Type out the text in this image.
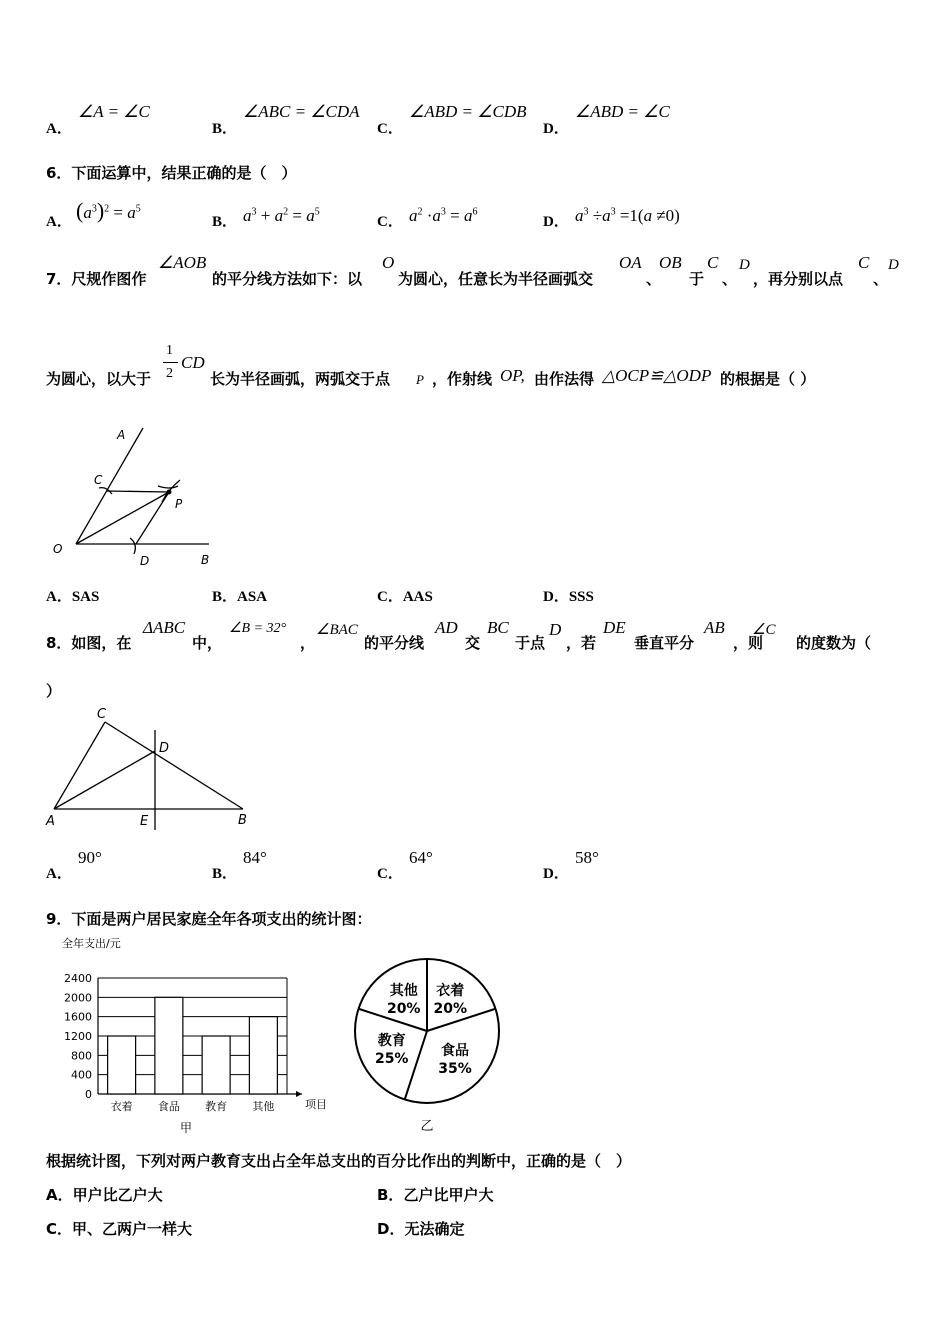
A．
∠A = ∠C
B．
∠ABC = ∠CDA
C．
∠ABD = ∠CDB
D．
∠ABD = ∠C
6．下面运算中，结果正确的是（　）
A． $(a^3)^2 = a^5$
B． $a^3 + a^2 = a^5$
C． $a^2 \cdot a^3 = a^6$
D． $a^3 \div a^3 =1(a \ne 0)$
7．尺规作图作
∠AOB
的平分线方法如下：以
O
为圆心，任意长为半径画弧交
OA
、
OB
于
C
、
D
，再分别以点
C
、
D
为圆心，以大于
1
2
CD
长为半径画弧，两弧交于点 P ，作射线 OP, 由作法得 △OCP≌△ODP 的根据是（ ）
A
C
P
O
D	B
A．SAS	B．ASA	C．AAS	D．SSS
8．如图，在
ΔABC
中，
∠B = 32°
，
∠BAC
的平分线
AD
交
BC
于点
D
，若
DE
垂直平分
AB
，则
∠C
的度数为（
）
C
D
A	E	B
A．
90°
B．
84°
C．
64°
D．
58°
9．下面是两户居民家庭全年各项支出的统计图：
全年支出/元
0
400
800
1200
1600
2000
2400
衣着 食品 教育 其他	项目
甲
其他
20%
衣着
20%
食品
35%
教育
25%
乙
根据统计图，下列对两户教育支出占全年总支出的百分比作出的判断中，正确的是（　）
A．甲户比乙户大	B．乙户比甲户大
C．甲、乙两户一样大	D．无法确定
